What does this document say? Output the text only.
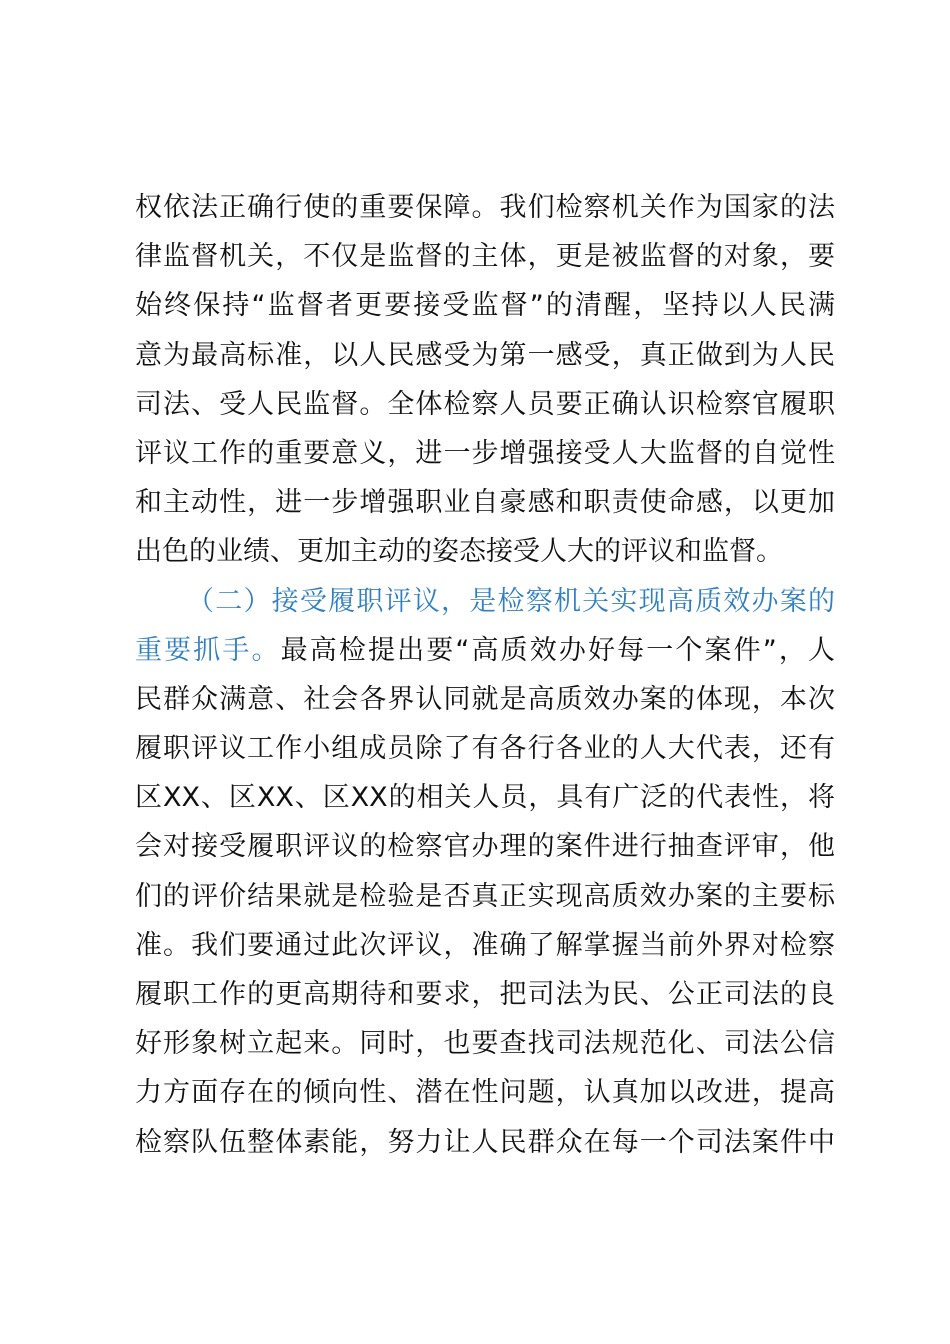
权依法正确行使的重要保障。我们检察机关作为国家的法
律监督机关，不仅是监督的主体，更是被监督的对象，要
始终保持“监督者更要接受监督”的清醒，坚持以人民满
意为最高标准，以人民感受为第一感受，真正做到为人民
司法、受人民监督。全体检察人员要正确认识检察官履职
评议工作的重要意义，进一步增强接受人大监督的自觉性
和主动性，进一步增强职业自豪感和职责使命感，以更加
出色的业绩、更加主动的姿态接受人大的评议和监督。
（二）接受履职评议，是检察机关实现高质效办案的
重要抓手。最高检提出要“高质效办好每一个案件”，人
民群众满意、社会各界认同就是高质效办案的体现，本次
履职评议工作小组成员除了有各行各业的人大代表，还有
区XX、区XX、区XX的相关人员，具有广泛的代表性，将
会对接受履职评议的检察官办理的案件进行抽查评审，他
们的评价结果就是检验是否真正实现高质效办案的主要标
准。我们要通过此次评议，准确了解掌握当前外界对检察
履职工作的更高期待和要求，把司法为民、公正司法的良
好形象树立起来。同时，也要查找司法规范化、司法公信
力方面存在的倾向性、潜在性问题，认真加以改进，提高
检察队伍整体素能，努力让人民群众在每一个司法案件中
